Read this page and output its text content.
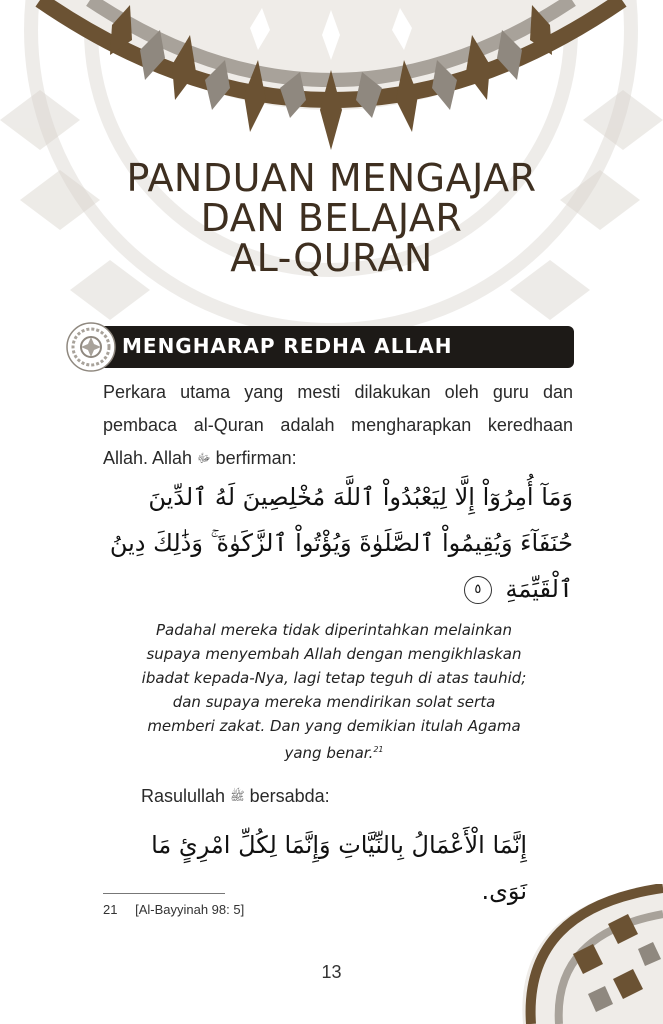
PANDUAN MENGAJAR
DAN BELAJAR
AL-QURAN
MENGHARAP REDHA ALLAH
Perkara utama yang mesti dilakukan oleh guru dan pembaca al-Quran adalah mengharapkan keredhaan Allah. Allah ﷻ berfirman:
وَمَآ أُمِرُوٓاْ إِلَّا لِيَعْبُدُواْ ٱللَّهَ مُخْلِصِينَ لَهُ ٱلدِّينَ حُنَفَآءَ وَيُقِيمُواْ ٱلصَّلَوٰةَ وَيُؤْتُواْ ٱلزَّكَوٰةَ ۚ وَذَٰلِكَ دِينُ ٱلْقَيِّمَةِ ٥
Padahal mereka tidak diperintahkan melainkan supaya menyembah Allah dengan mengikhlaskan ibadat kepada-Nya, lagi tetap teguh di atas tauhid; dan supaya mereka mendirikan solat serta memberi zakat. Dan yang demikian itulah Agama yang benar.$^{21}$
Rasulullah ﷺ bersabda:
إِنَّمَا الْأَعْمَالُ بِالنِّيَّاتِ وَإِنَّمَا لِكُلِّ امْرِئٍ مَا نَوَى.
21 [Al-Bayyinah 98: 5]
13
